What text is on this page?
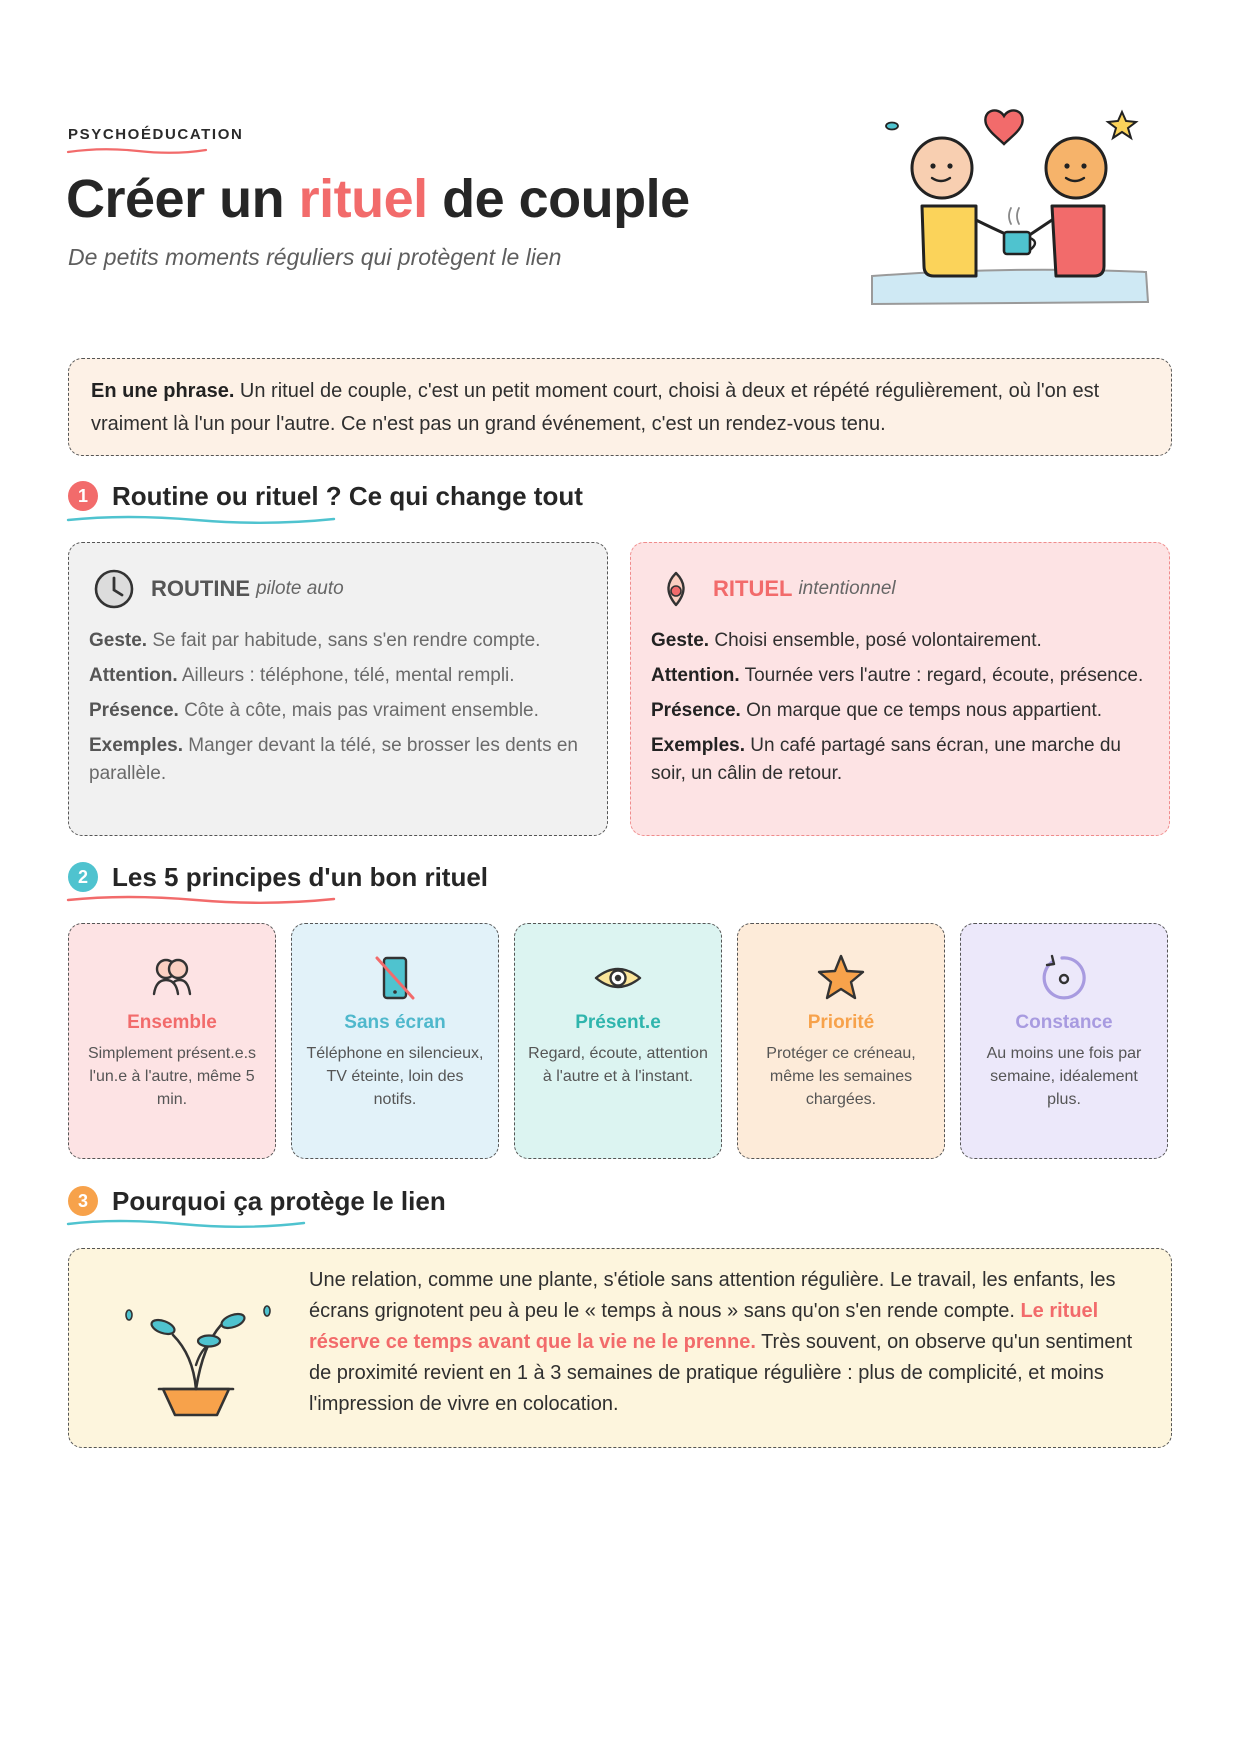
PSYCHOÉDUCATION
Créer un rituel de couple
De petits moments réguliers qui protègent le lien
En une phrase. Un rituel de couple, c'est un petit moment court, choisi à deux et répété régulièrement, où l'on est vraiment là l'un pour l'autre. Ce n'est pas un grand événement, c'est un rendez-vous tenu.
1 Routine ou rituel ? Ce qui change tout
ROUTINE pilote auto
Geste. Se fait par habitude, sans s'en rendre compte.
Attention. Ailleurs : téléphone, télé, mental rempli.
Présence. Côte à côte, mais pas vraiment ensemble.
Exemples. Manger devant la télé, se brosser les dents en parallèle.
RITUEL intentionnel
Geste. Choisi ensemble, posé volontairement.
Attention. Tournée vers l'autre : regard, écoute, présence.
Présence. On marque que ce temps nous appartient.
Exemples. Un café partagé sans écran, une marche du soir, un câlin de retour.
2 Les 5 principes d'un bon rituel
Ensemble
Simplement présent.e.s l'un.e à l'autre, même 5 min.
Sans écran
Téléphone en silencieux, TV éteinte, loin des notifs.
Présent.e
Regard, écoute, attention à l'autre et à l'instant.
Priorité
Protéger ce créneau, même les semaines chargées.
Constance
Au moins une fois par semaine, idéalement plus.
3 Pourquoi ça protège le lien
Une relation, comme une plante, s'étiole sans attention régulière. Le travail, les enfants, les écrans grignotent peu à peu le « temps à nous » sans qu'on s'en rende compte. Le rituel réserve ce temps avant que la vie ne le prenne. Très souvent, on observe qu'un sentiment de proximité revient en 1 à 3 semaines de pratique régulière : plus de complicité, et moins l'impression de vivre en colocation.
